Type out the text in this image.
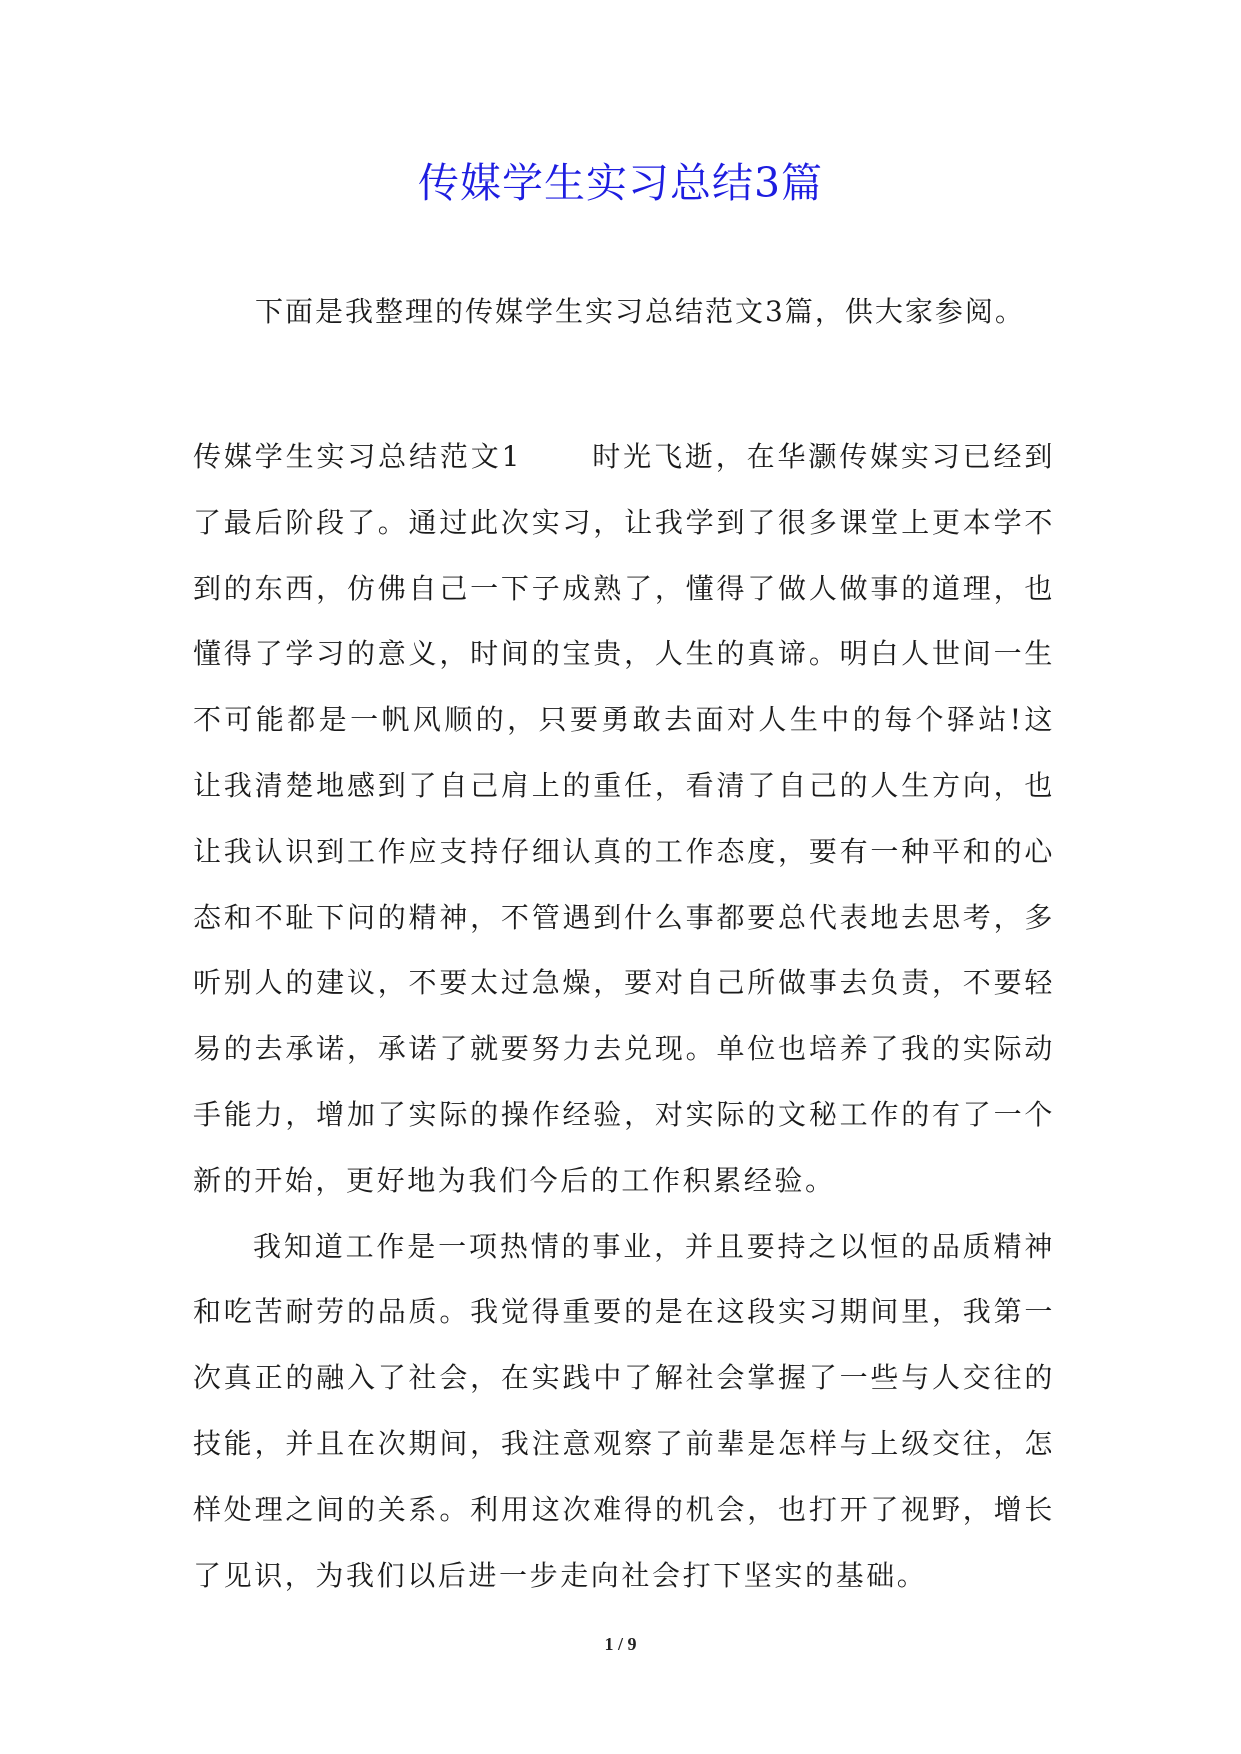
传媒学生实习总结3篇

下面是我整理的传媒学生实习总结范文3篇，供大家参阅。

传媒学生实习总结范文1	时光飞逝，在华灏传媒实习已经到了最后阶段了。通过此次实习，让我学到了很多课堂上更本学不到的东西，仿佛自己一下子成熟了，懂得了做人做事的道理，也懂得了学习的意义，时间的宝贵，人生的真谛。明白人世间一生不可能都是一帆风顺的，只要勇敢去面对人生中的每个驿站!这让我清楚地感到了自己肩上的重任，看清了自己的人生方向，也让我认识到工作应支持仔细认真的工作态度，要有一种平和的心态和不耻下问的精神，不管遇到什么事都要总代表地去思考，多听别人的建议，不要太过急燥，要对自己所做事去负责，不要轻易的去承诺，承诺了就要努力去兑现。单位也培养了我的实际动手能力，增加了实际的操作经验，对实际的文秘工作的有了一个新的开始，更好地为我们今后的工作积累经验。

我知道工作是一项热情的事业，并且要持之以恒的品质精神和吃苦耐劳的品质。我觉得重要的是在这段实习期间里，我第一次真正的融入了社会，在实践中了解社会掌握了一些与人交往的技能，并且在次期间，我注意观察了前辈是怎样与上级交往，怎样处理之间的关系。利用这次难得的机会，也打开了视野，增长了见识，为我们以后进一步走向社会打下坚实的基础。

1 / 9
